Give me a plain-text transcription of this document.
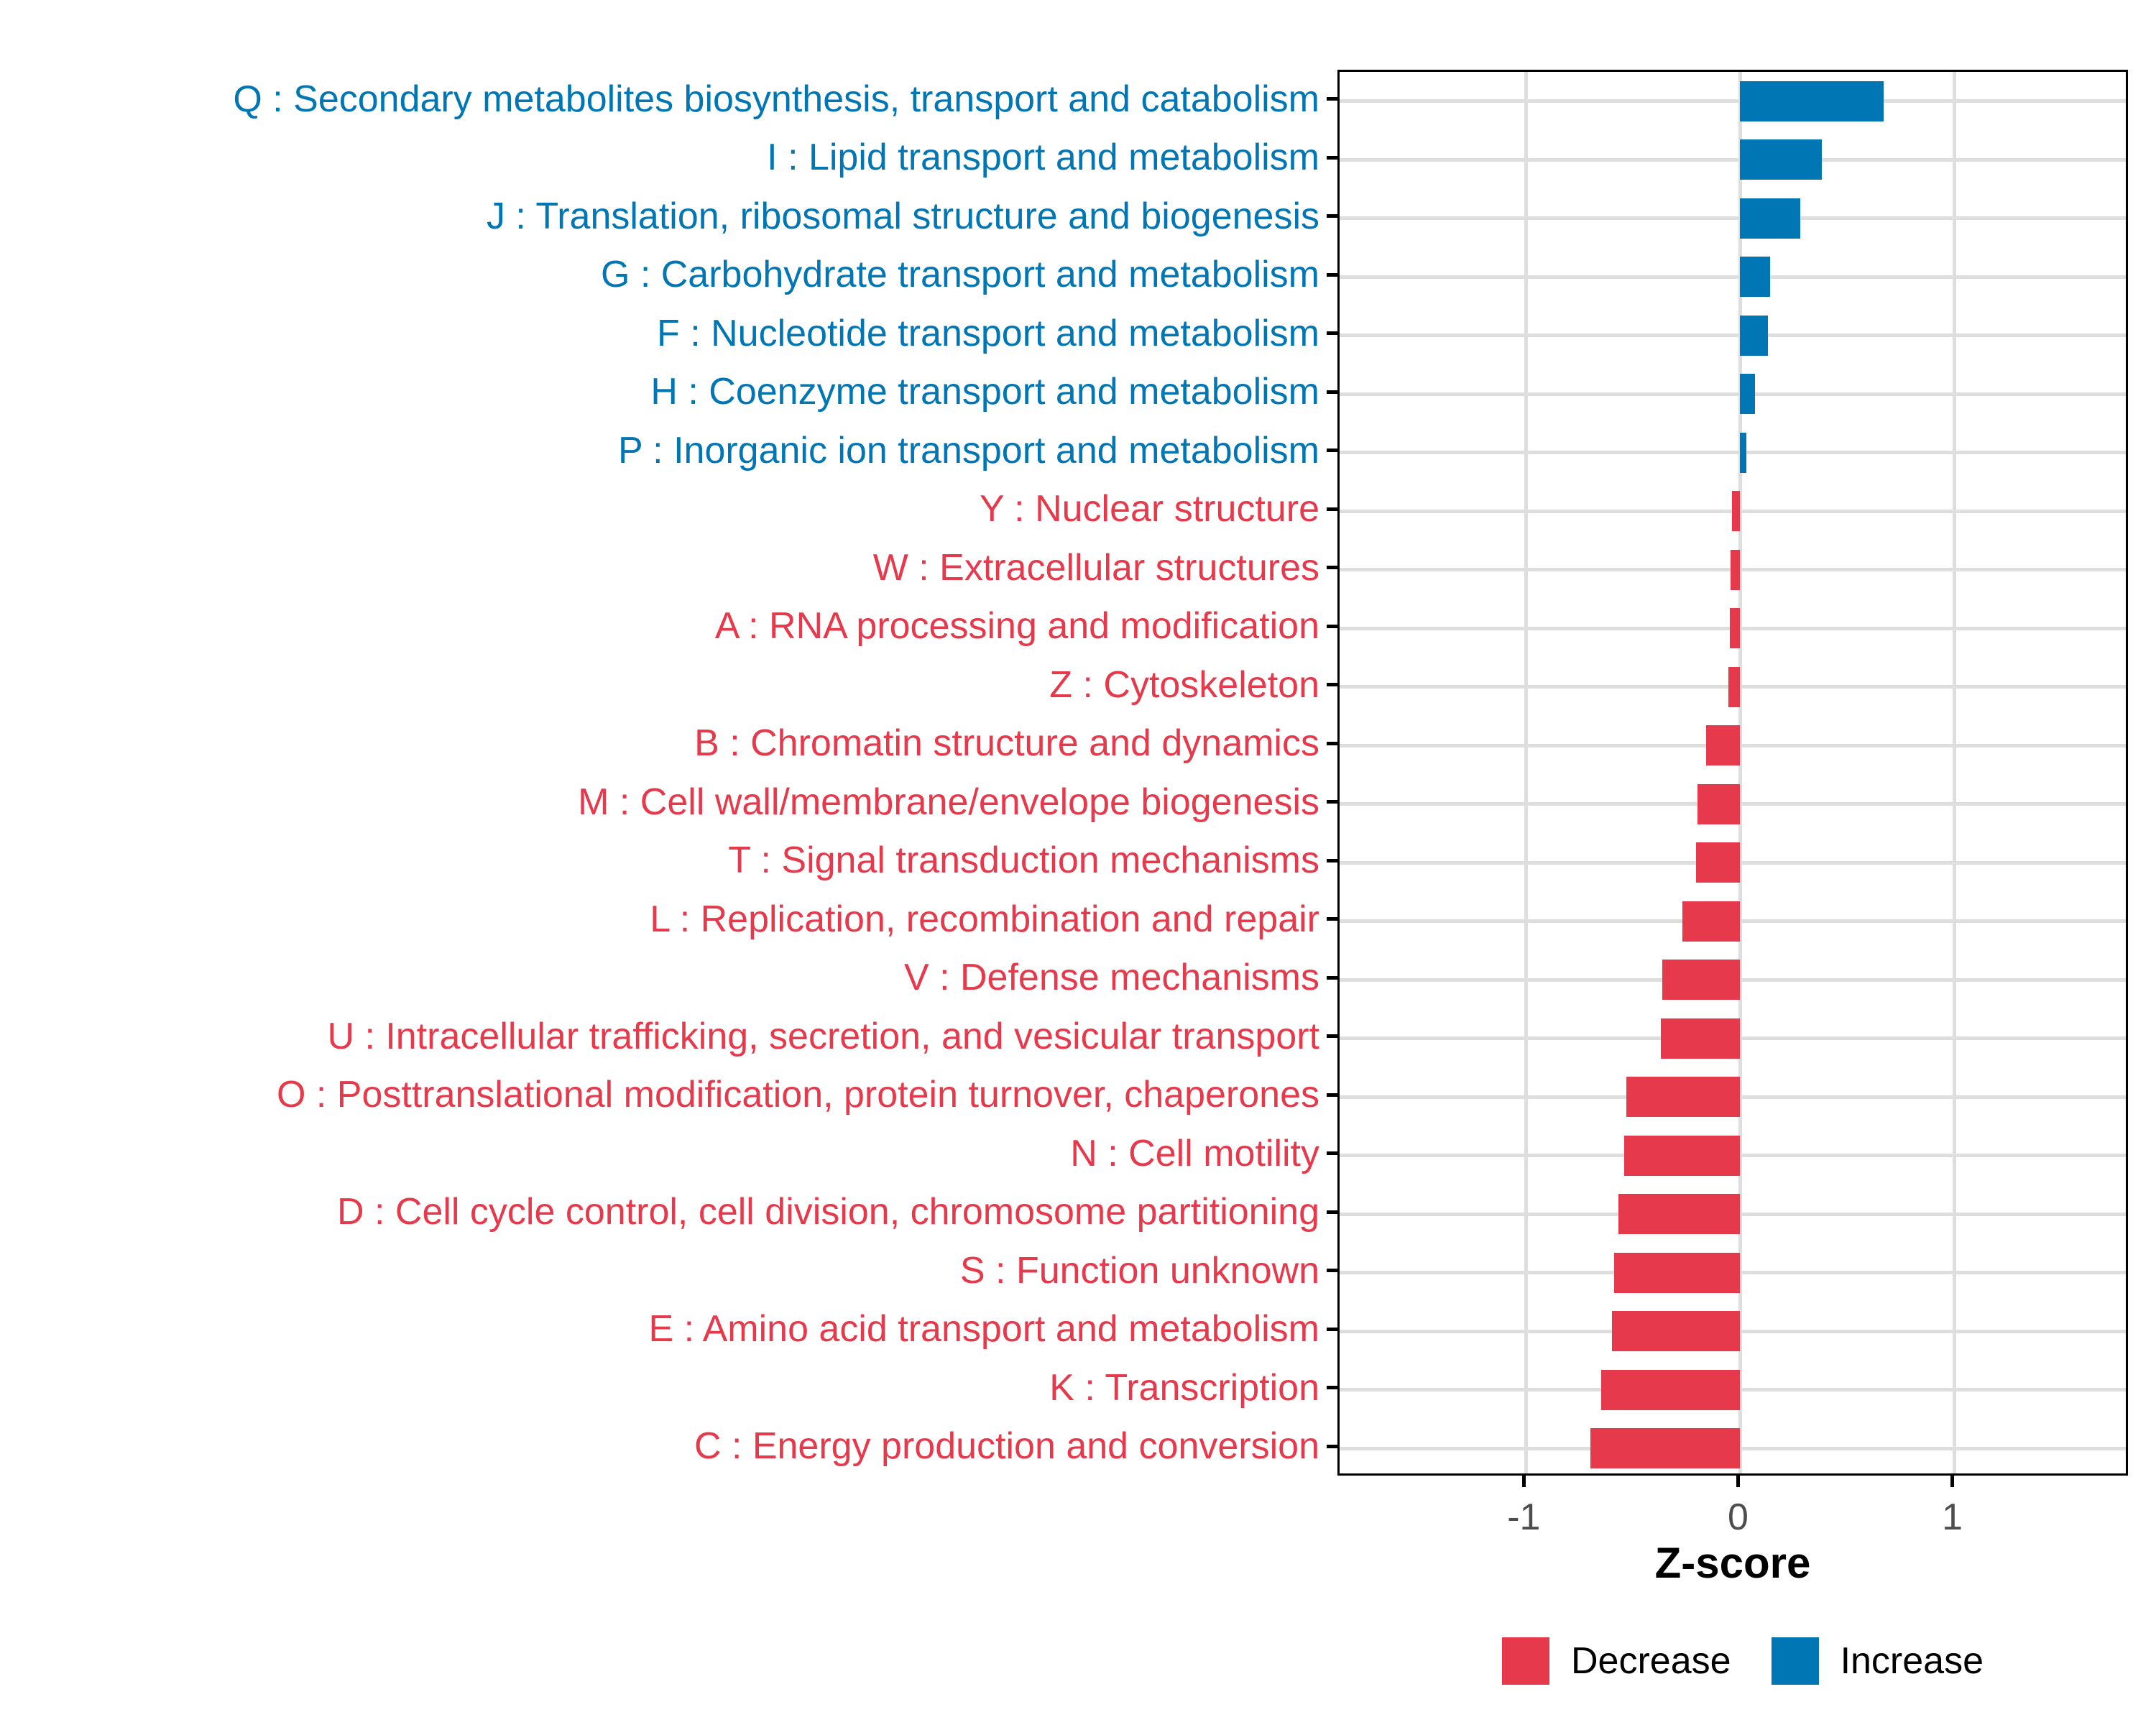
Q : Secondary metabolites biosynthesis, transport and catabolism
I : Lipid transport and metabolism
J : Translation, ribosomal structure and biogenesis
G : Carbohydrate transport and metabolism
F : Nucleotide transport and metabolism
H : Coenzyme transport and metabolism
P : Inorganic ion transport and metabolism
Y : Nuclear structure
W : Extracellular structures
A : RNA processing and modification
Z : Cytoskeleton
B : Chromatin structure and dynamics
M : Cell wall/membrane/envelope biogenesis
T : Signal transduction mechanisms
L : Replication, recombination and repair
V : Defense mechanisms
U : Intracellular trafficking, secretion, and vesicular transport
O : Posttranslational modification, protein turnover, chaperones
N : Cell motility
D : Cell cycle control, cell division, chromosome partitioning
S : Function unknown
E : Amino acid transport and metabolism
K : Transcription
C : Energy production and conversion
-1	0	1
Z-score
Decrease	Increase
